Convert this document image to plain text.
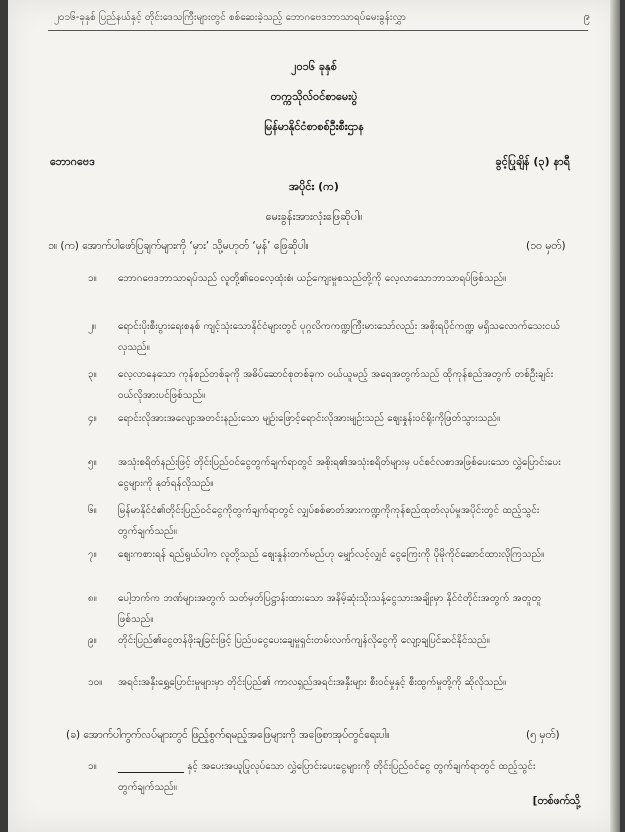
၂၀၁၆-ခုနှစ် ပြည်နယ်နှင့် တိုင်းဒေသကြီးများတွင် စစ်ဆေးခဲ့သည့် ဘောဂဗေဒဘာသာရပ်မေးခွန်းလွှာ	၉
၂၀၁၆ ခုနှစ်
တက္ကသိုလ်ဝင်စာမေးပွဲ
မြန်မာနိုင်ငံစာစစ်ဦးစီးဌာန
ဘောဂဗေဒ	ခွင့်ပြုချိန် (၃) နာရီ
အပိုင်း (က)
မေးခွန်းအားလုံးဖြေဆိုပါ။
၁။ (က) အောက်ပါဖော်ပြချက်များကို ‘မှား’ သို့မဟုတ် ‘မှန်’ ဖြေဆိုပါ။	(၁၀ မှတ်)
၁။	ဘောဂဗေဒဘာသာရပ်သည် လူတို့၏ဝေလေ့ထုံးစံ၊ ယဉ်ကျေးမှုစသည်တို့ကို လေ့လာသောဘာသာရပ်ဖြစ်သည်။
၂။	ရောင်းပိုးစီးပွားရေးစနစ် ကျင့်သုံးသောနိုင်ငံများတွင် ပုဂ္ဂလိကကဏ္ဍကြီးမားသော်လည်း အစိုးရပိုင်ကဏ္ဍ မရှိသလောက်သေးငယ်လှသည်။
၃။	လေ့လာနေသော ကုန်စည်တစ်ခုကို အဓိပ်ဆောင်စုတစ်ခုက ဝယ်ယူမည့် အရေအတွက်သည် ထိုကုန်စည်အတွက် တစ်ဦးချင်းဝယ်လိုအားပင်ဖြစ်သည်။
၄။	ရောင်းလိုအားအလျော့အတင်းနည်းသော မျဉ်းဖြောင့်ရောင်းလိုအားမျဉ်းသည် ဈေးနှုန်းဝင်ရိုးကိုဖြတ်သွားသည်။
၅။	အသုံးစရိတ်နည်းဖြင့် တိုင်းပြည်ဝင်ငွေတွက်ချက်ရာတွင် အစိုးရ၏အသုံးစရိတ်များမှ ပင်စင်လစာအဖြစ်ပေးသော လွှဲပြောင်းပေးငွေများကို နုတ်ရန်လိုသည်။
၆။	မြန်မာနိုင်ငံ၏တိုင်းပြည်ဝင်ငွေကိုတွက်ချက်ရာတွင် လျှပ်စစ်ဓာတ်အားကဏ္ဍကိုကုန်စည်ထုတ်လုပ်မှုအပိုင်းတွင် ထည့်သွင်းတွက်ချက်သည်။
၇။	ဈေးကစားရန် ရည်ရွယ်ပါက လူတို့သည် ဈေးနှုန်းတက်မည်ဟု မျှော်လင့်လျှင် ငွေကြေးကို ပိုမိုကိုင်ဆောင်ထားလိုကြသည်။
၈။	ပေါ့ဘက်က ဘဏ်များအတွက် သတ်မှတ်ပြဋ္ဌာန်းထားသော အနိမ့်ဆုံးသိုးသန့်ငွေသားအချိုးမှာ နိုင်ငံတိုင်းအတွက် အတူတူဖြစ်သည်။
၉။	တိုင်းပြည်၏ငွေတန်ဖိုးချခြင်းဖြင့် ပြည်ပငွေပေးချေမှုရှင်းတမ်းလက်ကျန်လိုငွေကို လျော့ချပြင်ဆင်နိုင်သည်။
၁၀။	အရင်းအနှီးရွှေ့ပြောင်းမှုများမှာ တိုင်းပြည်၏ ကာလရှည်အရင်းအနှီးများ စီးဝင်မှုနှင့် စီးထွက်မှုတို့ကို ဆိုလိုသည်။
(ခ) အောက်ပါကွက်လပ်များတွင် ဖြည့်စွက်ရမည့်အဖြေများကို အဖြေစာအုပ်တွင်ရေးပါ။	(၅ မှတ်)
၁။	နှင့် အပေးအယူပြုလုပ်သော လွှဲပြောင်းပေးငွေများကို တိုင်းပြည်ဝင်ငွေ တွက်ချက်ရာတွင် ထည့်သွင်းတွက်ချက်သည်။
[တစ်ဖက်သို့
